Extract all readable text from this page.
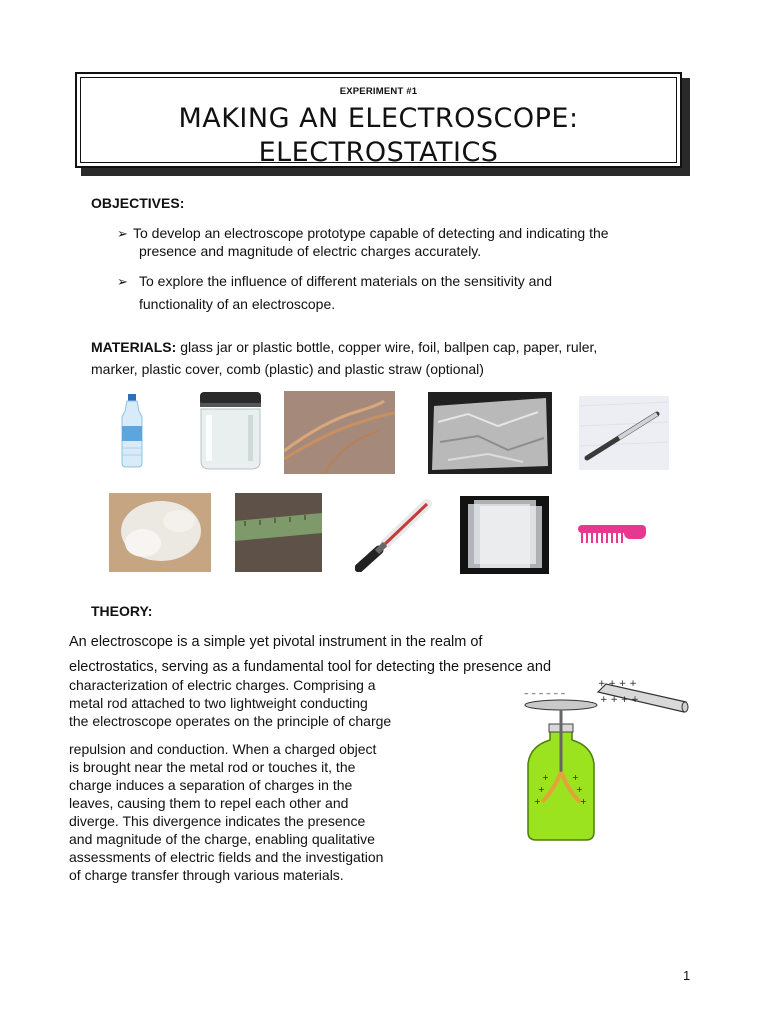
EXPERIMENT #1
MAKING AN ELECTROSCOPE:
ELECTROSTATICS
OBJECTIVES:
➢ To develop an electroscope prototype capable of detecting and indicating the
presence and magnitude of electric charges accurately.
➢ To explore the influence of different materials on the sensitivity and
functionality of an electroscope.
MATERIALS: glass jar or plastic bottle, copper wire, foil, ballpen cap, paper, ruler,
marker, plastic cover, comb (plastic) and plastic straw (optional)
THEORY:
An electroscope is a simple yet pivotal instrument in the realm of
electrostatics, serving as a fundamental tool for detecting the presence and
characterization of electric charges. Comprising a
metal rod attached to two lightweight conducting
the electroscope operates on the principle of charge
repulsion and conduction. When a charged object
is brought near the metal rod or touches it, the
charge induces a separation of charges in the
leaves, causing them to repel each other and
diverge. This divergence indicates the presence
and magnitude of the charge, enabling qualitative
assessments of electric fields and the investigation
of charge transfer through various materials.
+ + + +
+ + + +
– – – – – –
+
+
+
+
+
+
1
